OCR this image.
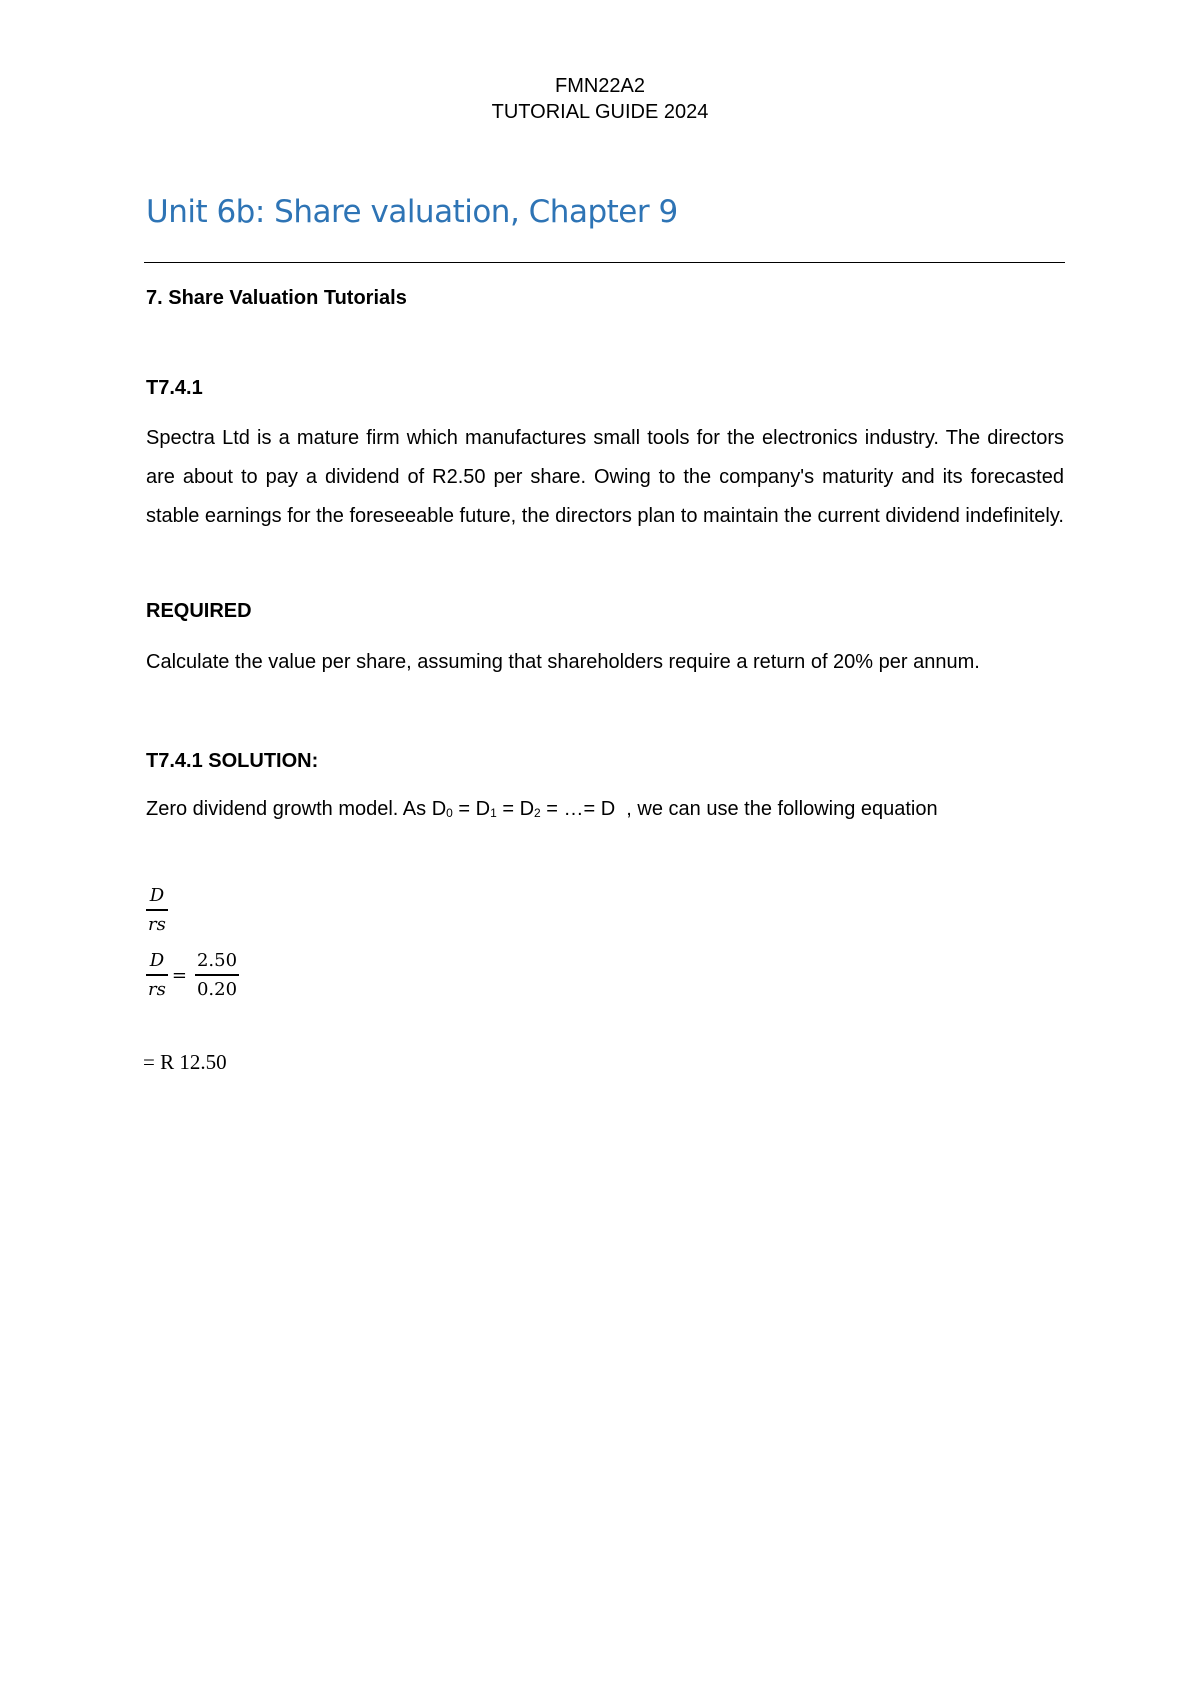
FMN22A2
TUTORIAL GUIDE 2024
Unit 6b: Share valuation, Chapter 9
7. Share Valuation Tutorials
T7.4.1
Spectra Ltd is a mature firm which manufactures small tools for the electronics industry. The directors are about to pay a dividend of R2.50 per share. Owing to the company's maturity and its forecasted stable earnings for the foreseeable future, the directors plan to maintain the current dividend indefinitely.
REQUIRED
Calculate the value per share, assuming that shareholders require a return of 20% per annum.
T7.4.1 SOLUTION:
Zero dividend growth model. As D0 = D1 = D2 = …= D  , we can use the following equation
$\frac{D}{rs}$
$\frac{D}{rs} = \frac{2.50}{0.20}$
= R 12.50
